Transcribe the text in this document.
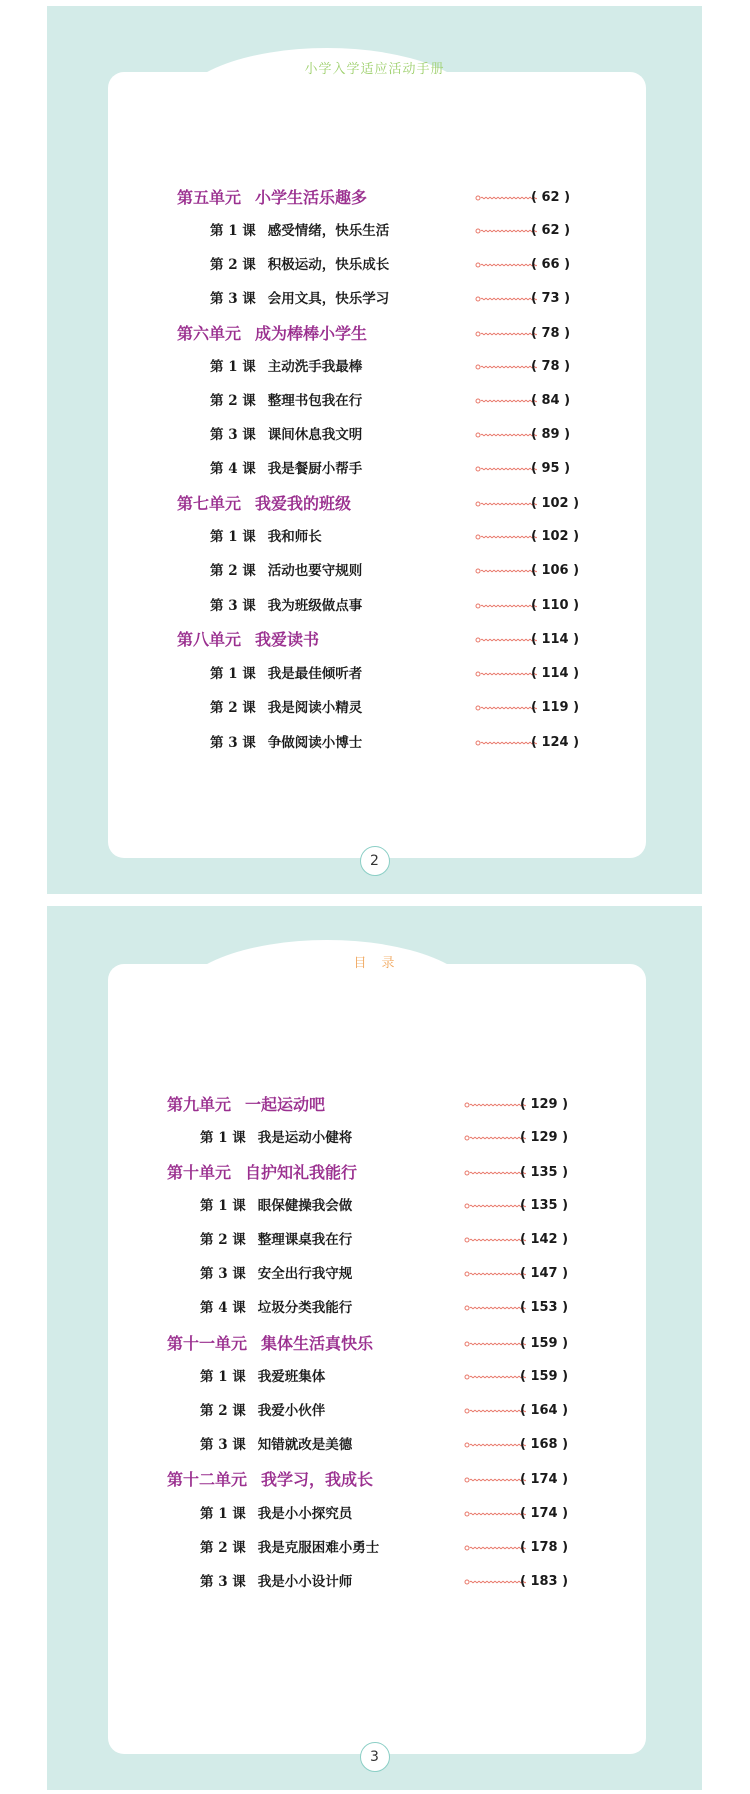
小学入学适应活动手册
第五单元 小学生活乐趣多	( 62 )
第 1 课 感受情绪，快乐生活	( 62 )
第 2 课 积极运动，快乐成长	( 66 )
第 3 课 会用文具，快乐学习	( 73 )
第六单元 成为棒棒小学生	( 78 )
第 1 课 主动洗手我最棒	( 78 )
第 2 课 整理书包我在行	( 84 )
第 3 课 课间休息我文明	( 89 )
第 4 课 我是餐厨小帮手	( 95 )
第七单元 我爱我的班级	( 102 )
第 1 课 我和师长	( 102 )
第 2 课 活动也要守规则	( 106 )
第 3 课 我为班级做点事	( 110 )
第八单元 我爱读书	( 114 )
第 1 课 我是最佳倾听者	( 114 )
第 2 课 我是阅读小精灵	( 119 )
第 3 课 争做阅读小博士	( 124 )
2
目　录
第九单元 一起运动吧	( 129 )
第 1 课 我是运动小健将	( 129 )
第十单元 自护知礼我能行	( 135 )
第 1 课 眼保健操我会做	( 135 )
第 2 课 整理课桌我在行	( 142 )
第 3 课 安全出行我守规	( 147 )
第 4 课 垃圾分类我能行	( 153 )
第十一单元 集体生活真快乐	( 159 )
第 1 课 我爱班集体	( 159 )
第 2 课 我爱小伙伴	( 164 )
第 3 课 知错就改是美德	( 168 )
第十二单元 我学习，我成长	( 174 )
第 1 课 我是小小探究员	( 174 )
第 2 课 我是克服困难小勇士	( 178 )
第 3 课 我是小小设计师	( 183 )
3
